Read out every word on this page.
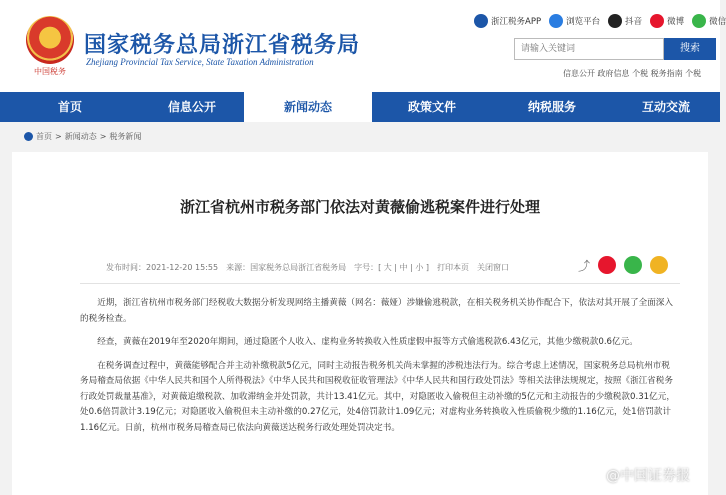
中国税务
国家税务总局浙江省税务局
Zhejiang Provincial Tax Service, State Taxation Administration
浙江税务APP	浏览平台	抖音	微博	微信
请输入关键词
搜索
信息公开 政府信息 个税 税务指南 个税
首页	信息公开	新闻动态	政策文件	纳税服务	互动交流
首页 > 新闻动态 > 税务新闻
浙江省杭州市税务部门依法对黄薇偷逃税案件进行处理
发布时间：2021-12-20 15:55 来源：国家税务总局浙江省税务局 字号：[ 大 | 中 | 小 ] 打印本页 关闭窗口	⤴

近期，浙江省杭州市税务部门经税收大数据分析发现网络主播黄薇（网名：薇娅）涉嫌偷逃税款，在相关税务机关协作配合下，依法对其开展了全面深入的税务检查。

经查，黄薇在2019年至2020年期间，通过隐匿个人收入、虚构业务转换收入性质虚假申报等方式偷逃税款6.43亿元，其他少缴税款0.6亿元。

在税务调查过程中，黄薇能够配合并主动补缴税款5亿元，同时主动报告税务机关尚未掌握的涉税违法行为。综合考虑上述情况，国家税务总局杭州市税务局稽查局依据《中华人民共和国个人所得税法》《中华人民共和国税收征收管理法》《中华人民共和国行政处罚法》等相关法律法规规定，按照《浙江省税务行政处罚裁量基准》，对黄薇追缴税款、加收滞纳金并处罚款，共计13.41亿元。其中，对隐匿收入偷税但主动补缴的5亿元和主动报告的少缴税款0.31亿元，处0.6倍罚款计3.19亿元；对隐匿收入偷税但未主动补缴的0.27亿元，处4倍罚款计1.09亿元；对虚构业务转换收入性质偷税少缴的1.16亿元，处1倍罚款计1.16亿元。日前，杭州市税务局稽查局已依法向黄薇送达税务行政处理处罚决定书。

@中国证券报
